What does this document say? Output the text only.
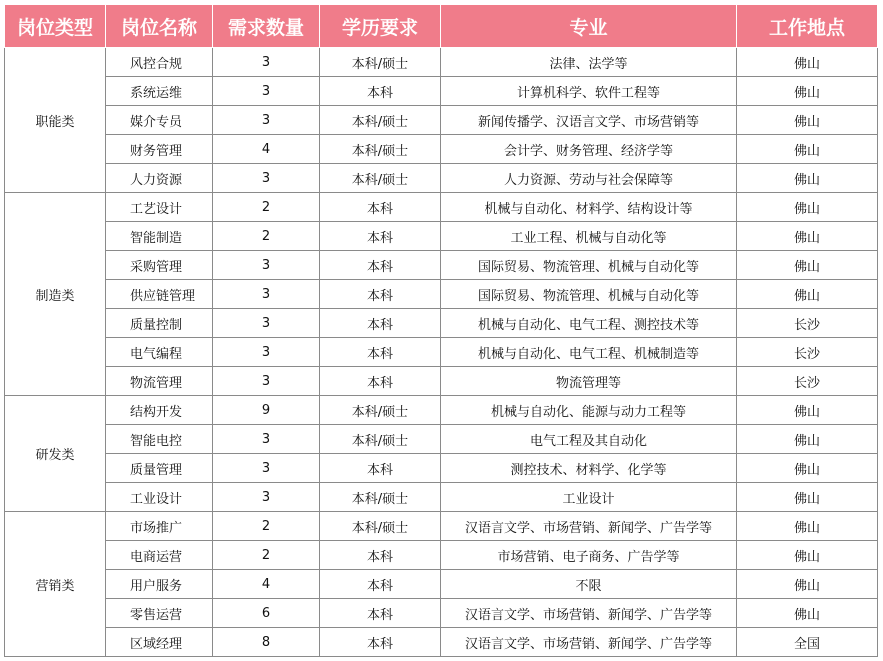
岗位类型	岗位名称	需求数量	学历要求	专业	工作地点
职能类	风控合规	3	本科/硕士	法律、法学等	佛山
	系统运维	3	本科	计算机科学、软件工程等	佛山
	媒介专员	3	本科/硕士	新闻传播学、汉语言文学、市场营销等	佛山
	财务管理	4	本科/硕士	会计学、财务管理、经济学等	佛山
	人力资源	3	本科/硕士	人力资源、劳动与社会保障等	佛山
制造类	工艺设计	2	本科	机械与自动化、材料学、结构设计等	佛山
	智能制造	2	本科	工业工程、机械与自动化等	佛山
	采购管理	3	本科	国际贸易、物流管理、机械与自动化等	佛山
	供应链管理	3	本科	国际贸易、物流管理、机械与自动化等	佛山
	质量控制	3	本科	机械与自动化、电气工程、测控技术等	长沙
	电气编程	3	本科	机械与自动化、电气工程、机械制造等	长沙
	物流管理	3	本科	物流管理等	长沙
研发类	结构开发	9	本科/硕士	机械与自动化、能源与动力工程等	佛山
	智能电控	3	本科/硕士	电气工程及其自动化	佛山
	质量管理	3	本科	测控技术、材料学、化学等	佛山
	工业设计	3	本科/硕士	工业设计	佛山
营销类	市场推广	2	本科/硕士	汉语言文学、市场营销、新闻学、广告学等	佛山
	电商运营	2	本科	市场营销、电子商务、广告学等	佛山
	用户服务	4	本科	不限	佛山
	零售运营	6	本科	汉语言文学、市场营销、新闻学、广告学等	佛山
	区域经理	8	本科	汉语言文学、市场营销、新闻学、广告学等	全国
